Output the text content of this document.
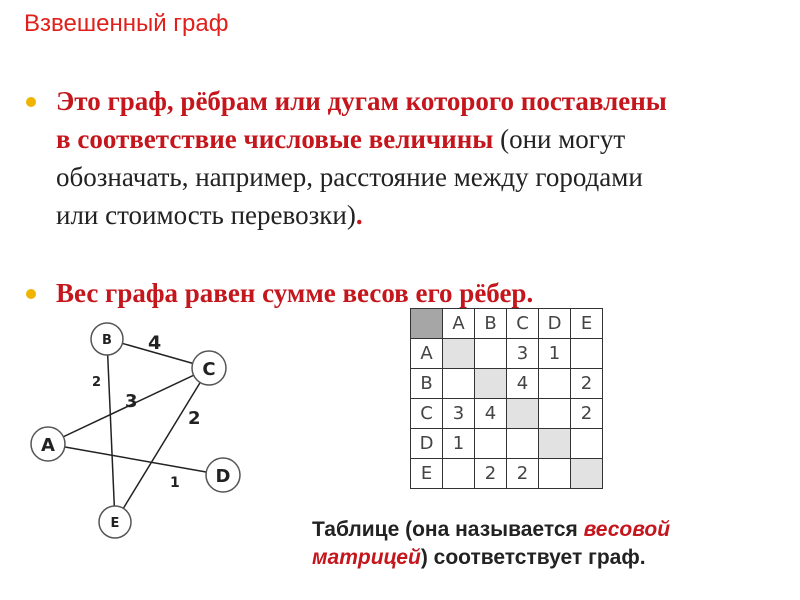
Взвешенный граф
Это граф, рёбрам или дугам которого поставлены в соответствие числовые величины (они могут обозначать, например, расстояние между городами или стоимость перевозки).
Вес графа равен сумме весов его рёбер.
4
2
3
2
1
B
C
A
D
E
	A	B	C	D	E
A			3	1	
B			4		2
C	3	4			2
D	1				
E		2	2		
Таблице (она называется весовой матрицей) соответствует граф.
